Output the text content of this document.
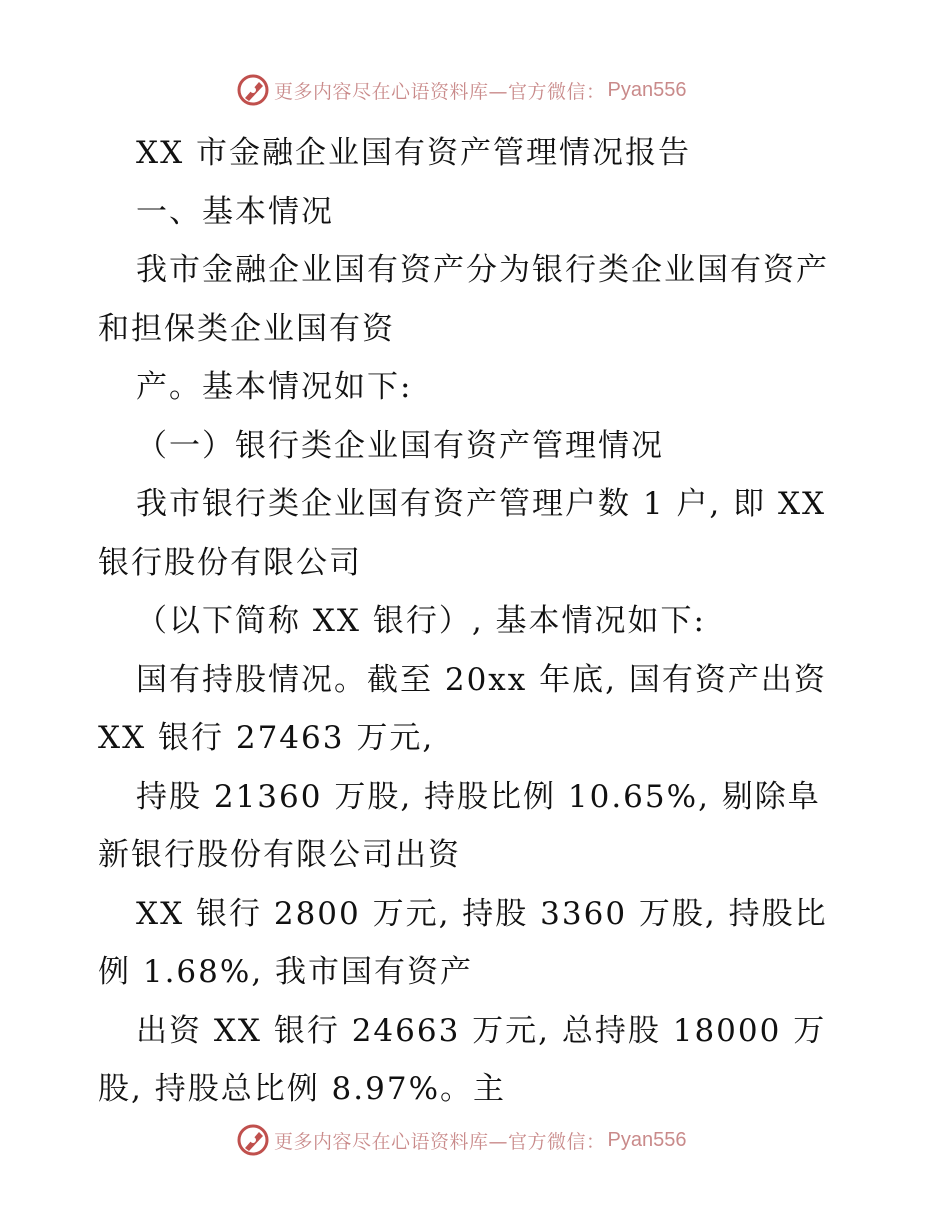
更多内容尽在心语资料库—官方微信： Pyan556
XX 市金融企业国有资产管理情况报告
一、基本情况
我市金融企业国有资产分为银行类企业国有资产
和担保类企业国有资
产。基本情况如下:
（一）银行类企业国有资产管理情况
我市银行类企业国有资产管理户数 1 户, 即 XX
银行股份有限公司
（以下简称 XX 银行）, 基本情况如下:
国有持股情况。截至 20xx 年底, 国有资产出资
XX 银行 27463 万元,
持股 21360 万股, 持股比例 10.65%, 剔除阜
新银行股份有限公司出资
XX 银行 2800 万元, 持股 3360 万股, 持股比
例 1.68%, 我市国有资产
出资 XX 银行 24663 万元, 总持股 18000 万
股, 持股总比例 8.97%。主
更多内容尽在心语资料库—官方微信： Pyan556
